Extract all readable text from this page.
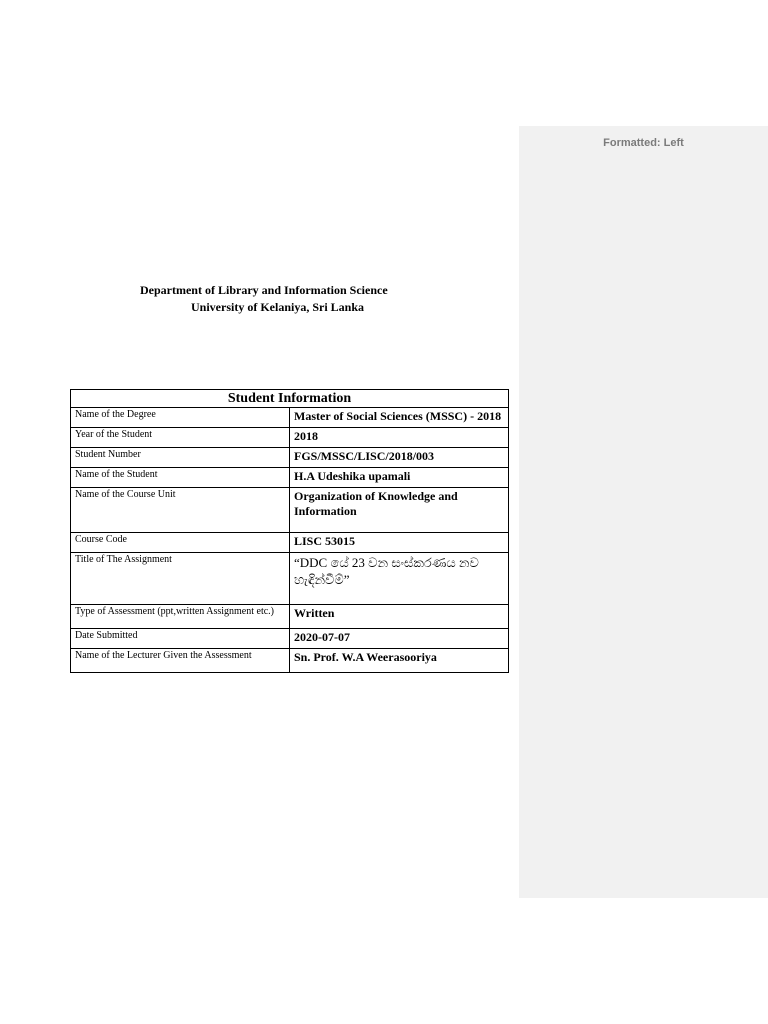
Formatted: Left
Department of Library and Information Science
University of Kelaniya, Sri Lanka
Student Information	
Name of the Degree	Master of Social Sciences (MSSC) - 2018
Year of the Student	2018
Student Number	FGS/MSSC/LISC/2018/003
Name of the Student	H.A Udeshika upamali
Name of the Course Unit	Organization of Knowledge and Information
Course Code	LISC 53015
Title of The Assignment	“DDC යේ 23 වන සංස්කරණය නව හැඳින්වීම්”
Type of Assessment (ppt,written Assignment etc.)	Written
Date Submitted	2020-07-07
Name of the Lecturer Given the Assessment	Sn. Prof. W.A Weerasooriya
